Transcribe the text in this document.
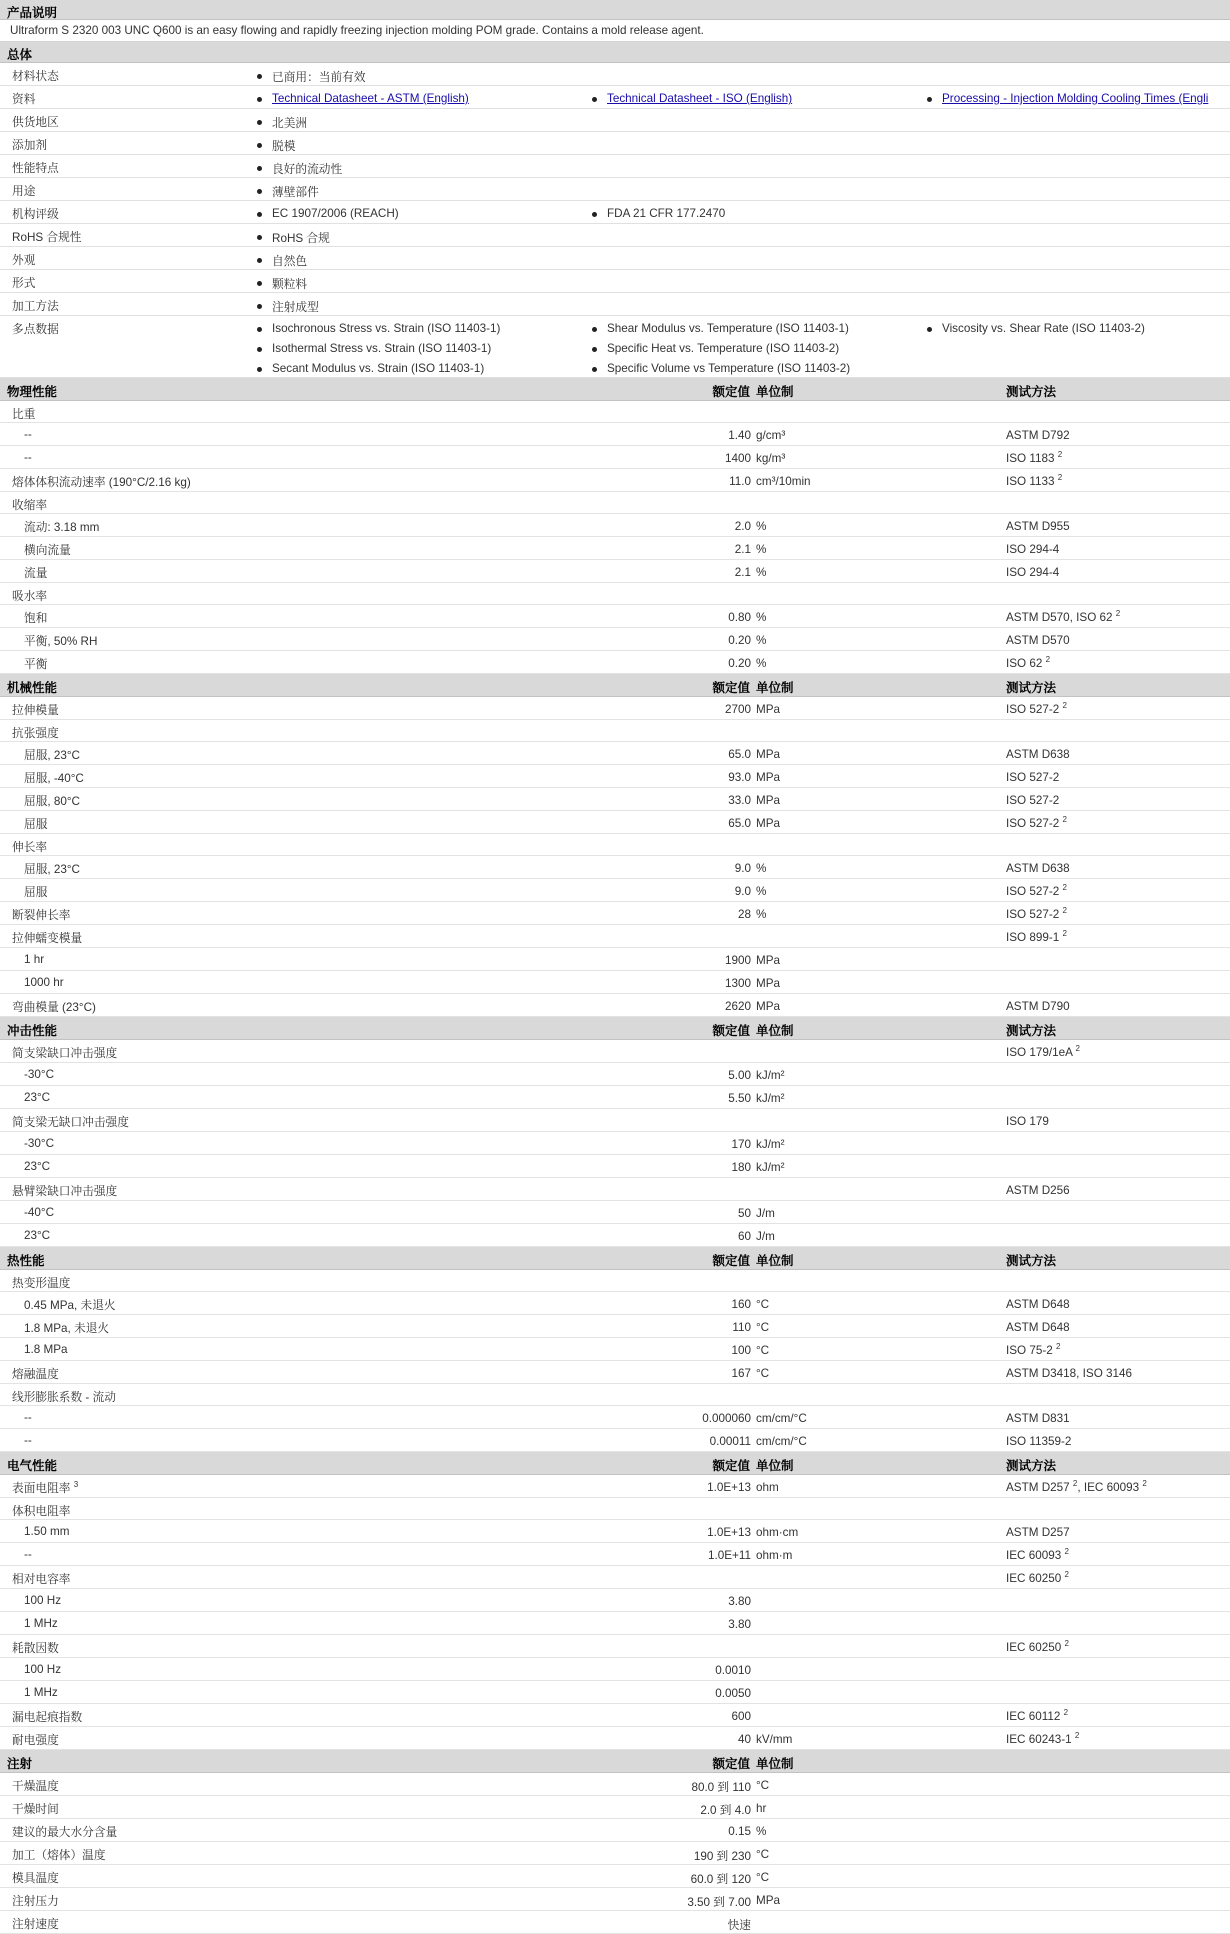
产品说明
Ultraform S 2320 003 UNC Q600 is an easy flowing and rapidly freezing injection molding POM grade. Contains a mold release agent.
总体
材料状态	已商用：当前有效
资料	Technical Datasheet - ASTM (English)	Technical Datasheet - ISO (English)	Processing - Injection Molding Cooling Times (Engli
供货地区	北美洲
添加剂	脱模
性能特点	良好的流动性
用途	薄壁部件
机构评级	EC 1907/2006 (REACH)	FDA 21 CFR 177.2470
RoHS 合规性	RoHS 合规
外观	自然色
形式	颗粒料
加工方法	注射成型
多点数据	Isochronous Stress vs. Strain (ISO 11403-1)	Shear Modulus vs. Temperature (ISO 11403-1)	Viscosity vs. Shear Rate (ISO 11403-2)
Isothermal Stress vs. Strain (ISO 11403-1)	Specific Heat vs. Temperature (ISO 11403-2)
Secant Modulus vs. Strain (ISO 11403-1)	Specific Volume vs Temperature (ISO 11403-2)
物理性能	额定值 单位制	测试方法
比重
--	1.40 g/cm³	ASTM D792
--	1400 kg/m³	ISO 1183 $^2$
熔体体积流动速率 (190°C/2.16 kg)	11.0 cm³/10min	ISO 1133 $^2$
收缩率
流动: 3.18 mm	2.0 %	ASTM D955
横向流量	2.1 %	ISO 294-4
流量	2.1 %	ISO 294-4
吸水率
饱和	0.80 %	ASTM D570, ISO 62 $^2$
平衡, 50% RH	0.20 %	ASTM D570
平衡	0.20 %	ISO 62 $^2$
机械性能	额定值 单位制	测试方法
拉伸模量	2700 MPa	ISO 527-2 $^2$
抗张强度
屈服, 23°C	65.0 MPa	ASTM D638
屈服, -40°C	93.0 MPa	ISO 527-2
屈服, 80°C	33.0 MPa	ISO 527-2
屈服	65.0 MPa	ISO 527-2 $^2$
伸长率
屈服, 23°C	9.0 %	ASTM D638
屈服	9.0 %	ISO 527-2 $^2$
断裂伸长率	28 %	ISO 527-2 $^2$
拉伸蠕变模量	ISO 899-1 $^2$
1 hr	1900 MPa
1000 hr	1300 MPa
弯曲模量 (23°C)	2620 MPa	ASTM D790
冲击性能	额定值 单位制	测试方法
简支梁缺口冲击强度	ISO 179/1eA $^2$
-30°C	5.00 kJ/m²
23°C	5.50 kJ/m²
简支梁无缺口冲击强度	ISO 179
-30°C	170 kJ/m²
23°C	180 kJ/m²
悬臂梁缺口冲击强度	ASTM D256
-40°C	50 J/m
23°C	60 J/m
热性能	额定值 单位制	测试方法
热变形温度
0.45 MPa, 未退火	160 °C	ASTM D648
1.8 MPa, 未退火	110 °C	ASTM D648
1.8 MPa	100 °C	ISO 75-2 $^2$
熔融温度	167 °C	ASTM D3418, ISO 3146
线形膨胀系数 - 流动
--	0.000060 cm/cm/°C	ASTM D831
--	0.00011 cm/cm/°C	ISO 11359-2
电气性能	额定值 单位制	测试方法
表面电阻率 $^3$	1.0E+13 ohm	ASTM D257 $^2$, IEC 60093 $^2$
体积电阻率
1.50 mm	1.0E+13 ohm·cm	ASTM D257
--	1.0E+11 ohm·m	IEC 60093 $^2$
相对电容率	IEC 60250 $^2$
100 Hz	3.80
1 MHz	3.80
耗散因数	IEC 60250 $^2$
100 Hz	0.0010
1 MHz	0.0050
漏电起痕指数	600	IEC 60112 $^2$
耐电强度	40 kV/mm	IEC 60243-1 $^2$
注射	额定值 单位制
干燥温度	80.0 到 110 °C
干燥时间	2.0 到 4.0 hr
建议的最大水分含量	0.15 %
加工（熔体）温度	190 到 230 °C
模具温度	60.0 到 120 °C
注射压力	3.50 到 7.00 MPa
注射速度	快速
